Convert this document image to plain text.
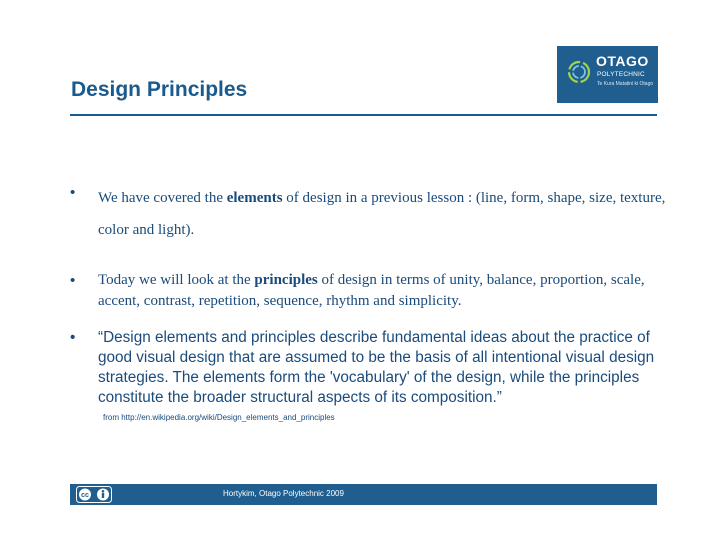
Design Principles
OTAGO
POLYTECHNIC
Te Kura Matatini ki Otago
• We have covered the elements of design in a previous lesson : (line, form, shape, size, texture, color and light).
• Today we will look at the principles of design in terms of unity, balance, proportion, scale, accent, contrast, repetition, sequence, rhythm and simplicity.
• “Design elements and principles describe fundamental ideas about the practice of good visual design that are assumed to be the basis of all intentional visual design strategies. The elements form the 'vocabulary' of the design, while the principles constitute the broader structural aspects of its composition.”
from http://en.wikipedia.org/wiki/Design_elements_and_principles
cc	Hortykim, Otago Polytechnic 2009
